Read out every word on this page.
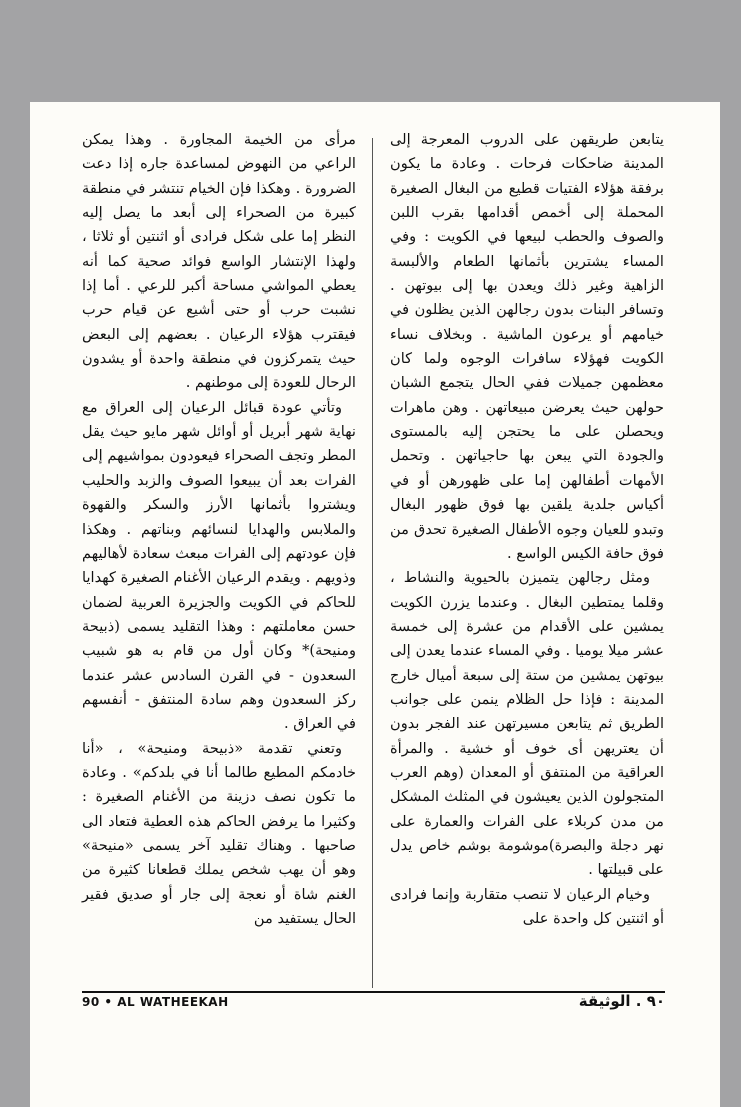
يتابعن طريقهن على الدروب المعرجة إلى المدينة ضاحكات فرحات . وعادة ما يكون برفقة هؤلاء الفتيات قطيع من البغال الصغيرة المحملة إلى أخمص أقدامها بقرب اللبن والصوف والحطب لبيعها في الكويت : وفي المساء يشترين بأثمانها الطعام والألبسة الزاهية وغير ذلك ويعدن بها إلى بيوتهن . وتسافر البنات بدون رجالهن الذين يظلون في خيامهم أو يرعون الماشية . وبخلاف نساء الكويت فهؤلاء سافرات الوجوه ولما كان معظمهن جميلات ففي الحال يتجمع الشبان حولهن حيث يعرضن مبيعاتهن . وهن ماهرات ويحصلن على ما يحتجن إليه بالمستوى والجودة التي يبعن بها حاجياتهن . وتحمل الأمهات أطفالهن إما على ظهورهن أو في أكياس جلدية يلقين بها فوق ظهور البغال وتبدو للعيان وجوه الأطفال الصغيرة تحدق من فوق حافة الكيس الواسع .

ومثل رجالهن يتميزن بالحيوية والنشاط ، وقلما يمتطين البغال . وعندما يزرن الكويت يمشين على الأقدام من عشرة إلى خمسة عشر ميلا يوميا . وفي المساء عندما يعدن إلى بيوتهن يمشين من ستة إلى سبعة أميال خارج المدينة : فإذا حل الظلام ينمن على جوانب الطريق ثم يتابعن مسيرتهن عند الفجر بدون أن يعتريهن أى خوف أو خشية . والمرأة العراقية من المنتفق أو المعدان (وهم العرب المتجولون الذين يعيشون في المثلث المشكل من مدن كربلاء على الفرات والعمارة على نهر دجلة والبصرة)موشومة بوشم خاص يدل على قبيلتها .

وخيام الرعيان لا تنصب متقاربة وإنما فرادى أو اثنتين كل واحدة على

مرأى من الخيمة المجاورة . وهذا يمكن الراعي من النهوض لمساعدة جاره إذا دعت الضرورة . وهكذا فإن الخيام تنتشر في منطقة كبيرة من الصحراء إلى أبعد ما يصل إليه النظر إما على شكل فرادى أو اثنتين أو ثلاثا ، ولهذا الإنتشار الواسع فوائد صحية كما أنه يعطي المواشي مساحة أكبر للرعي . أما إذا نشبت حرب أو حتى أشيع عن قيام حرب فيقترب هؤلاء الرعيان . بعضهم إلى البعض حيث يتمركزون في منطقة واحدة أو يشدون الرحال للعودة إلى موطنهم .

وتأتي عودة قبائل الرعيان إلى العراق مع نهاية شهر أبريل أو أوائل شهر مايو حيث يقل المطر وتجف الصحراء فيعودون بمواشيهم إلى الفرات بعد أن يبيعوا الصوف والزبد والحليب ويشتروا بأثمانها الأرز والسكر والقهوة والملابس والهدايا لنسائهم وبناتهم . وهكذا فإن عودتهم إلى الفرات مبعث سعادة لأهاليهم وذويهم . ويقدم الرعيان الأغنام الصغيرة كهدايا للحاكم في الكويت والجزيرة العربية لضمان حسن معاملتهم : وهذا التقليد يسمى (ذبيحة ومنيحة)* وكان أول من قام به هو شبيب السعدون - في القرن السادس عشر عندما ركز السعدون وهم سادة المنتفق - أنفسهم في العراق .

وتعني تقدمة «ذبيحة ومنيحة» ، «أنا خادمكم المطيع طالما أنا في بلدكم» . وعادة ما تكون نصف دزينة من الأغنام الصغيرة : وكثيرا ما يرفض الحاكم هذه العطية فتعاد الى صاحبها . وهناك تقليد آخر يسمى «منيحة» وهو أن يهب شخص يملك قطعانا كثيرة من الغنم شاة أو نعجة إلى جار أو صديق فقير الحال يستفيد من

90 • AL WATHEEKAH	٩٠ . الوثيقة
